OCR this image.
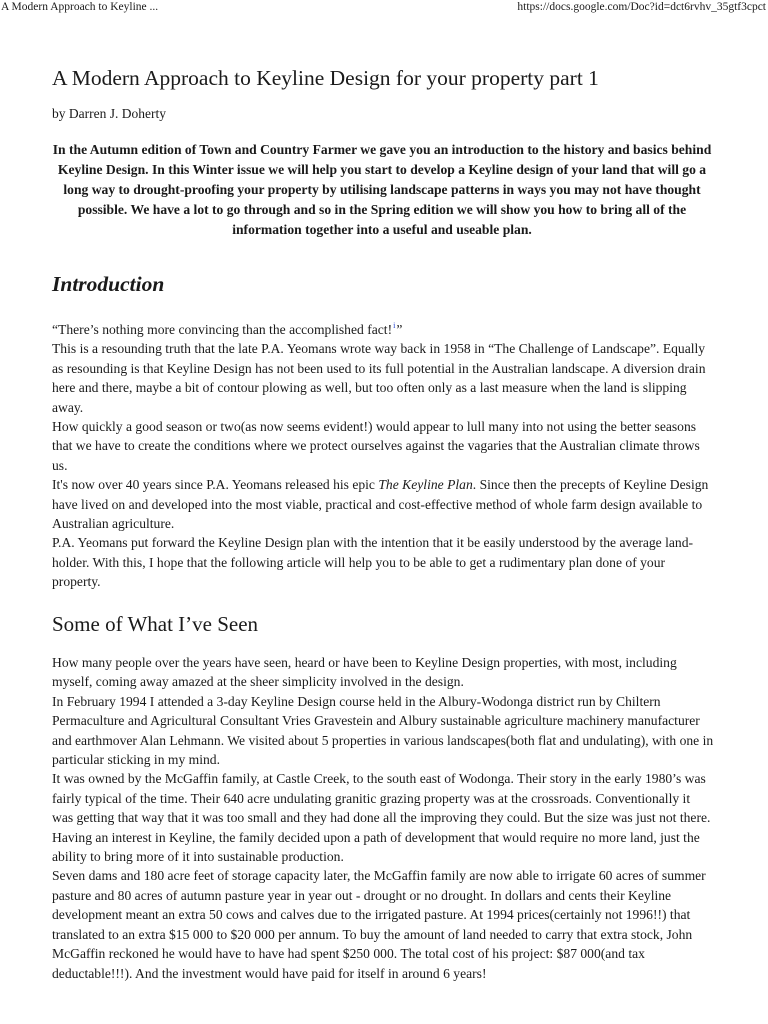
A Modern Approach to Keyline ...	https://docs.google.com/Doc?id=dct6rvhv_35gtf3cpct
A Modern Approach to Keyline Design for your property part 1
by Darren J. Doherty
In the Autumn edition of Town and Country Farmer we gave you an introduction to the history and basics behind Keyline Design. In this Winter issue we will help you start to develop a Keyline design of your land that will go a long way to drought-proofing your property by utilising landscape patterns in ways you may not have thought possible. We have a lot to go through and so in the Spring edition we will show you how to bring all of the information together into a useful and useable plan.
Introduction

“There’s nothing more convincing than the accomplished fact!$^i$”

This is a resounding truth that the late P.A. Yeomans wrote way back in 1958 in “The Challenge of Landscape”. Equally as resounding is that Keyline Design has not been used to its full potential in the Australian landscape. A diversion drain here and there, maybe a bit of contour plowing as well, but too often only as a last measure when the land is slipping away.

How quickly a good season or two(as now seems evident!) would appear to lull many into not using the better seasons that we have to create the conditions where we protect ourselves against the vagaries that the Australian climate throws us.

It's now over 40 years since P.A. Yeomans released his epic The Keyline Plan. Since then the precepts of Keyline Design have lived on and developed into the most viable, practical and cost-effective method of whole farm design available to Australian agriculture.

P.A. Yeomans put forward the Keyline Design plan with the intention that it be easily understood by the average land-holder. With this, I hope that the following article will help you to be able to get a rudimentary plan done of your property.

Some of What I’ve Seen

How many people over the years have seen, heard or have been to Keyline Design properties, with most, including myself, coming away amazed at the sheer simplicity involved in the design.

In February 1994 I attended a 3-day Keyline Design course held in the Albury-Wodonga district run by Chiltern Permaculture and Agricultural Consultant Vries Gravestein and Albury sustainable agriculture machinery manufacturer and earthmover Alan Lehmann. We visited about 5 properties in various landscapes(both flat and undulating), with one in particular sticking in my mind.

It was owned by the McGaffin family, at Castle Creek, to the south east of Wodonga. Their story in the early 1980’s was fairly typical of the time. Their 640 acre undulating granitic grazing property was at the crossroads. Conventionally it was getting that way that it was too small and they had done all the improving they could. But the size was just not there. Having an interest in Keyline, the family decided upon a path of development that would require no more land, just the ability to bring more of it into sustainable production.

Seven dams and 180 acre feet of storage capacity later, the McGaffin family are now able to irrigate 60 acres of summer pasture and 80 acres of autumn pasture year in year out - drought or no drought. In dollars and cents their Keyline development meant an extra 50 cows and calves due to the irrigated pasture. At 1994 prices(certainly not 1996!!) that translated to an extra $15 000 to $20 000 per annum. To buy the amount of land needed to carry that extra stock, John McGaffin reckoned he would have to have had spent $250 000. The total cost of his project: $87 000(and tax deductable!!!). And the investment would have paid for itself in around 6 years!
